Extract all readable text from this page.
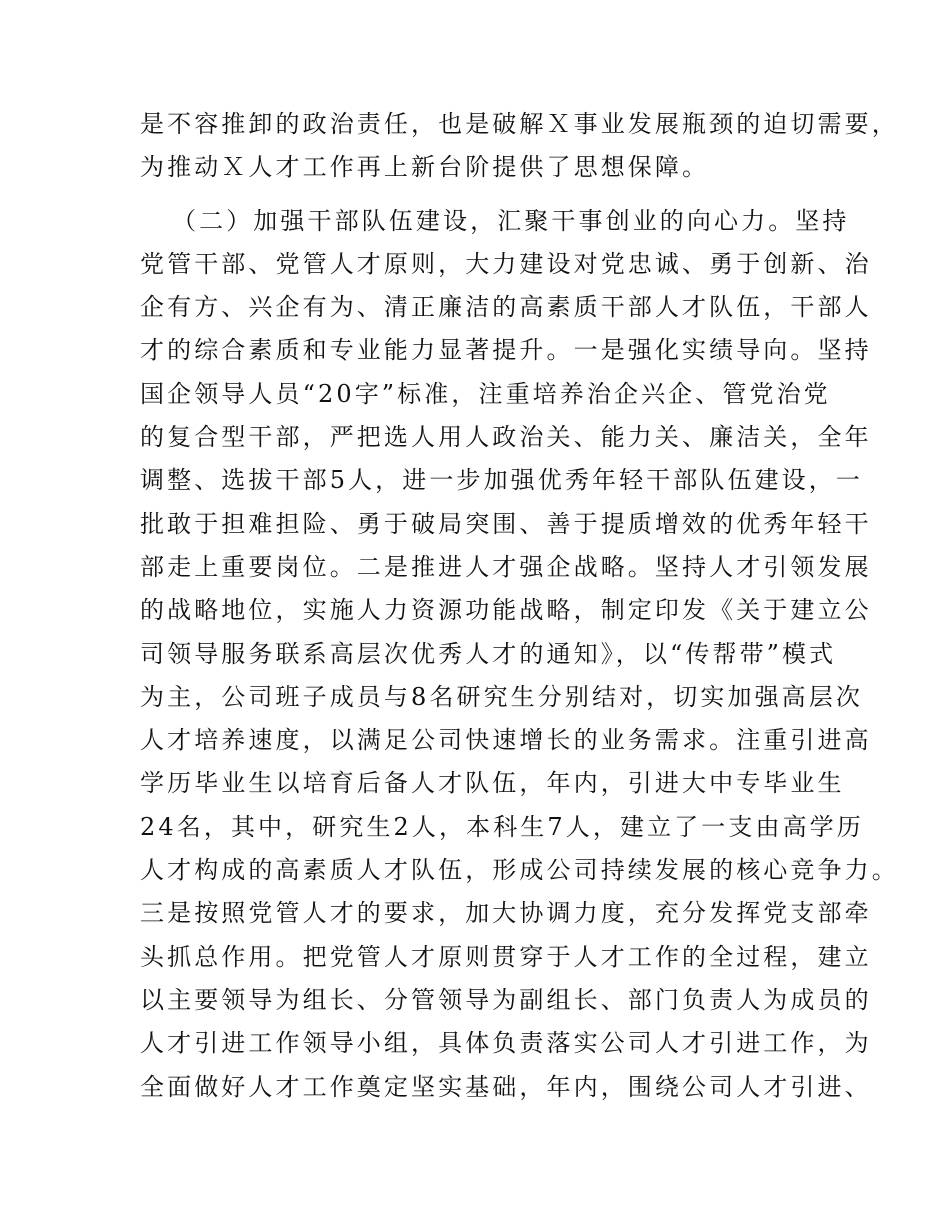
是不容推卸的政治责任，也是破解Ｘ事业发展瓶颈的迫切需要，
为推动Ｘ人才工作再上新台阶提供了思想保障。
（二）加强干部队伍建设，汇聚干事创业的向心力。坚持
党管干部、党管人才原则，大力建设对党忠诚、勇于创新、治
企有方、兴企有为、清正廉洁的高素质干部人才队伍，干部人
才的综合素质和专业能力显著提升。一是强化实绩导向。坚持
国企领导人员“20字”标准，注重培养治企兴企、管党治党
的复合型干部，严把选人用人政治关、能力关、廉洁关，全年
调整、选拔干部5人，进一步加强优秀年轻干部队伍建设，一
批敢于担难担险、勇于破局突围、善于提质增效的优秀年轻干
部走上重要岗位。二是推进人才强企战略。坚持人才引领发展
的战略地位，实施人力资源功能战略，制定印发《关于建立公
司领导服务联系高层次优秀人才的通知》，以“传帮带”模式
为主，公司班子成员与8名研究生分别结对，切实加强高层次
人才培养速度，以满足公司快速增长的业务需求。注重引进高
学历毕业生以培育后备人才队伍，年内，引进大中专毕业生
24名，其中，研究生2人，本科生7人，建立了一支由高学历
人才构成的高素质人才队伍，形成公司持续发展的核心竞争力。
三是按照党管人才的要求，加大协调力度，充分发挥党支部牵
头抓总作用。把党管人才原则贯穿于人才工作的全过程，建立
以主要领导为组长、分管领导为副组长、部门负责人为成员的
人才引进工作领导小组，具体负责落实公司人才引进工作，为
全面做好人才工作奠定坚实基础，年内，围绕公司人才引进、
